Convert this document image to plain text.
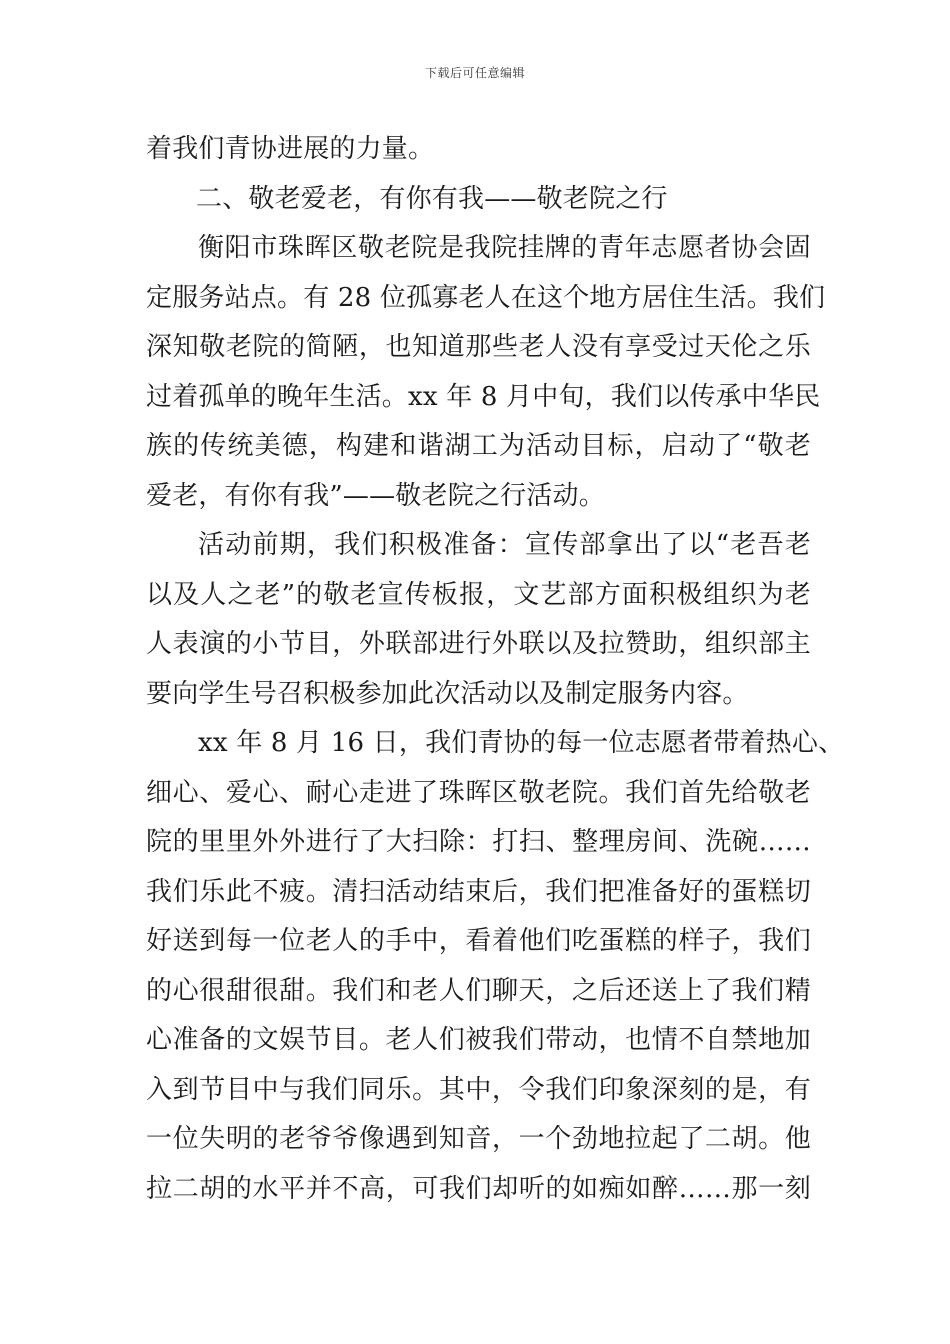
下载后可任意编辑
着我们青协进展的力量。
二、敬老爱老，有你有我——敬老院之行
衡阳市珠晖区敬老院是我院挂牌的青年志愿者协会固
定服务站点。有 28 位孤寡老人在这个地方居住生活。我们
深知敬老院的简陋，也知道那些老人没有享受过天伦之乐
过着孤单的晚年生活。xx 年 8 月中旬，我们以传承中华民
族的传统美德，构建和谐湖工为活动目标，启动了“敬老
爱老，有你有我”——敬老院之行活动。
活动前期，我们积极准备：宣传部拿出了以“老吾老
以及人之老”的敬老宣传板报，文艺部方面积极组织为老
人表演的小节目，外联部进行外联以及拉赞助，组织部主
要向学生号召积极参加此次活动以及制定服务内容。
xx 年 8 月 16 日，我们青协的每一位志愿者带着热心、
细心、爱心、耐心走进了珠晖区敬老院。我们首先给敬老
院的里里外外进行了大扫除：打扫、整理房间、洗碗……
我们乐此不疲。清扫活动结束后，我们把准备好的蛋糕切
好送到每一位老人的手中，看着他们吃蛋糕的样子，我们
的心很甜很甜。我们和老人们聊天，之后还送上了我们精
心准备的文娱节目。老人们被我们带动，也情不自禁地加
入到节目中与我们同乐。其中，令我们印象深刻的是，有
一位失明的老爷爷像遇到知音，一个劲地拉起了二胡。他
拉二胡的水平并不高，可我们却听的如痴如醉……那一刻
